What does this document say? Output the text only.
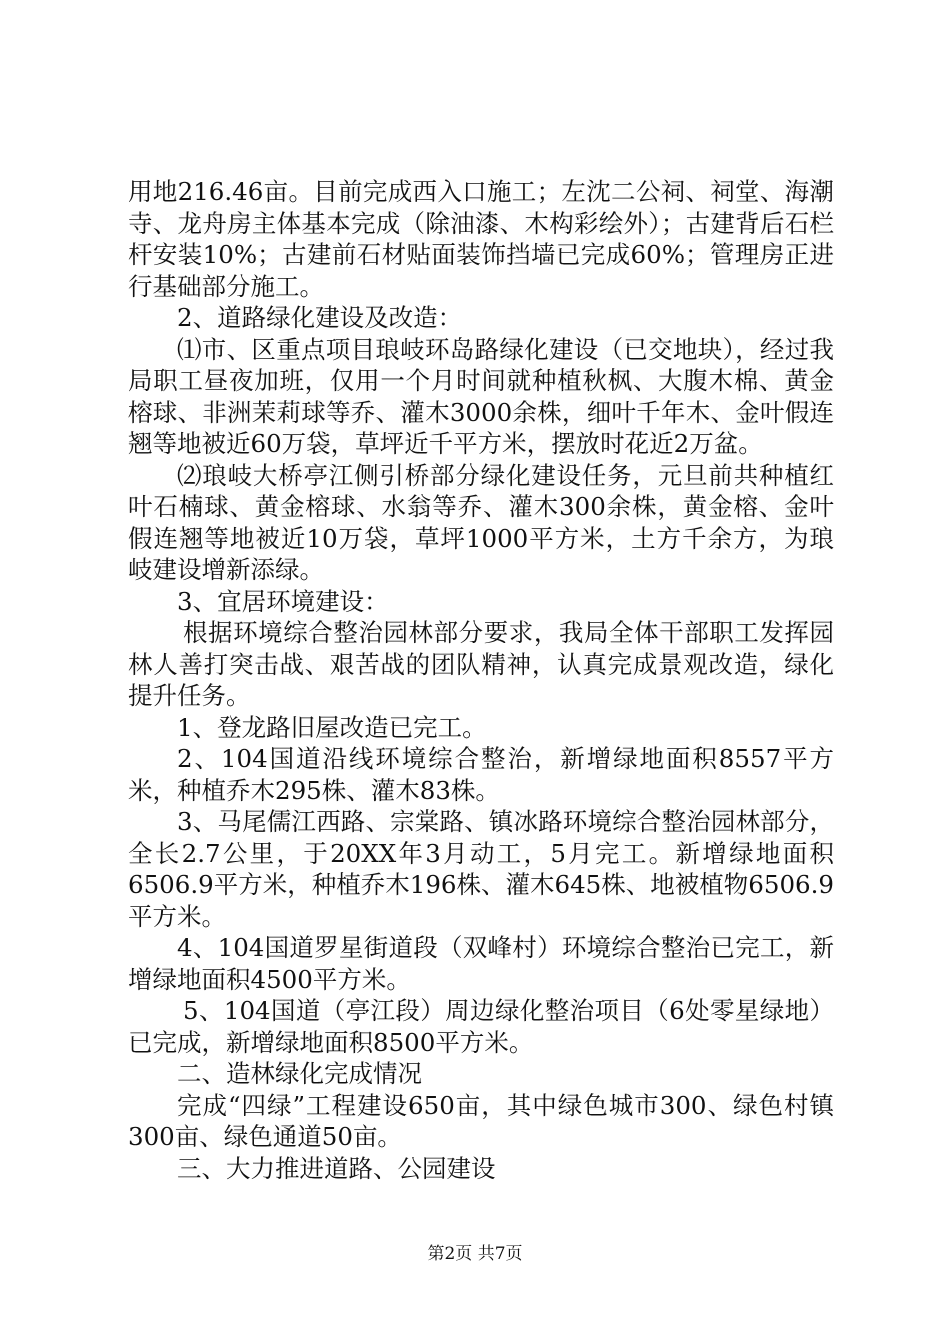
用地216.46亩。目前完成西入口施工；左沈二公祠、祠堂、海潮寺、龙舟房主体基本完成（除油漆、木构彩绘外）；古建背后石栏杆安装10%；古建前石材贴面装饰挡墙已完成60%；管理房正进行基础部分施工。

2、道路绿化建设及改造：

⑴市、区重点项目琅岐环岛路绿化建设（已交地块），经过我局职工昼夜加班，仅用一个月时间就种植秋枫、大腹木棉、黄金榕球、非洲茉莉球等乔、灌木3000余株，细叶千年木、金叶假连翘等地被近60万袋，草坪近千平方米，摆放时花近2万盆。

⑵琅岐大桥亭江侧引桥部分绿化建设任务，元旦前共种植红叶石楠球、黄金榕球、水翁等乔、灌木300余株，黄金榕、金叶假连翘等地被近10万袋，草坪1000平方米，土方千余方，为琅岐建设增新添绿。

3、宜居环境建设：

根据环境综合整治园林部分要求，我局全体干部职工发挥园林人善打突击战、艰苦战的团队精神，认真完成景观改造，绿化提升任务。

1、登龙路旧屋改造已完工。

2、104国道沿线环境综合整治，新增绿地面积8557平方米，种植乔木295株、灌木83株。

3、马尾儒江西路、宗棠路、镇冰路环境综合整治园林部分，全长2.7公里，于20XX年3月动工，5月完工。新增绿地面积6506.9平方米，种植乔木196株、灌木645株、地被植物6506.9平方米。

4、104国道罗星街道段（双峰村）环境综合整治已完工，新增绿地面积4500平方米。

5、104国道（亭江段）周边绿化整治项目（6处零星绿地）已完成，新增绿地面积8500平方米。

二、造林绿化完成情况

完成“四绿”工程建设650亩，其中绿色城市300、绿色村镇300亩、绿色通道50亩。

三、大力推进道路、公园建设

第2页 共7页
